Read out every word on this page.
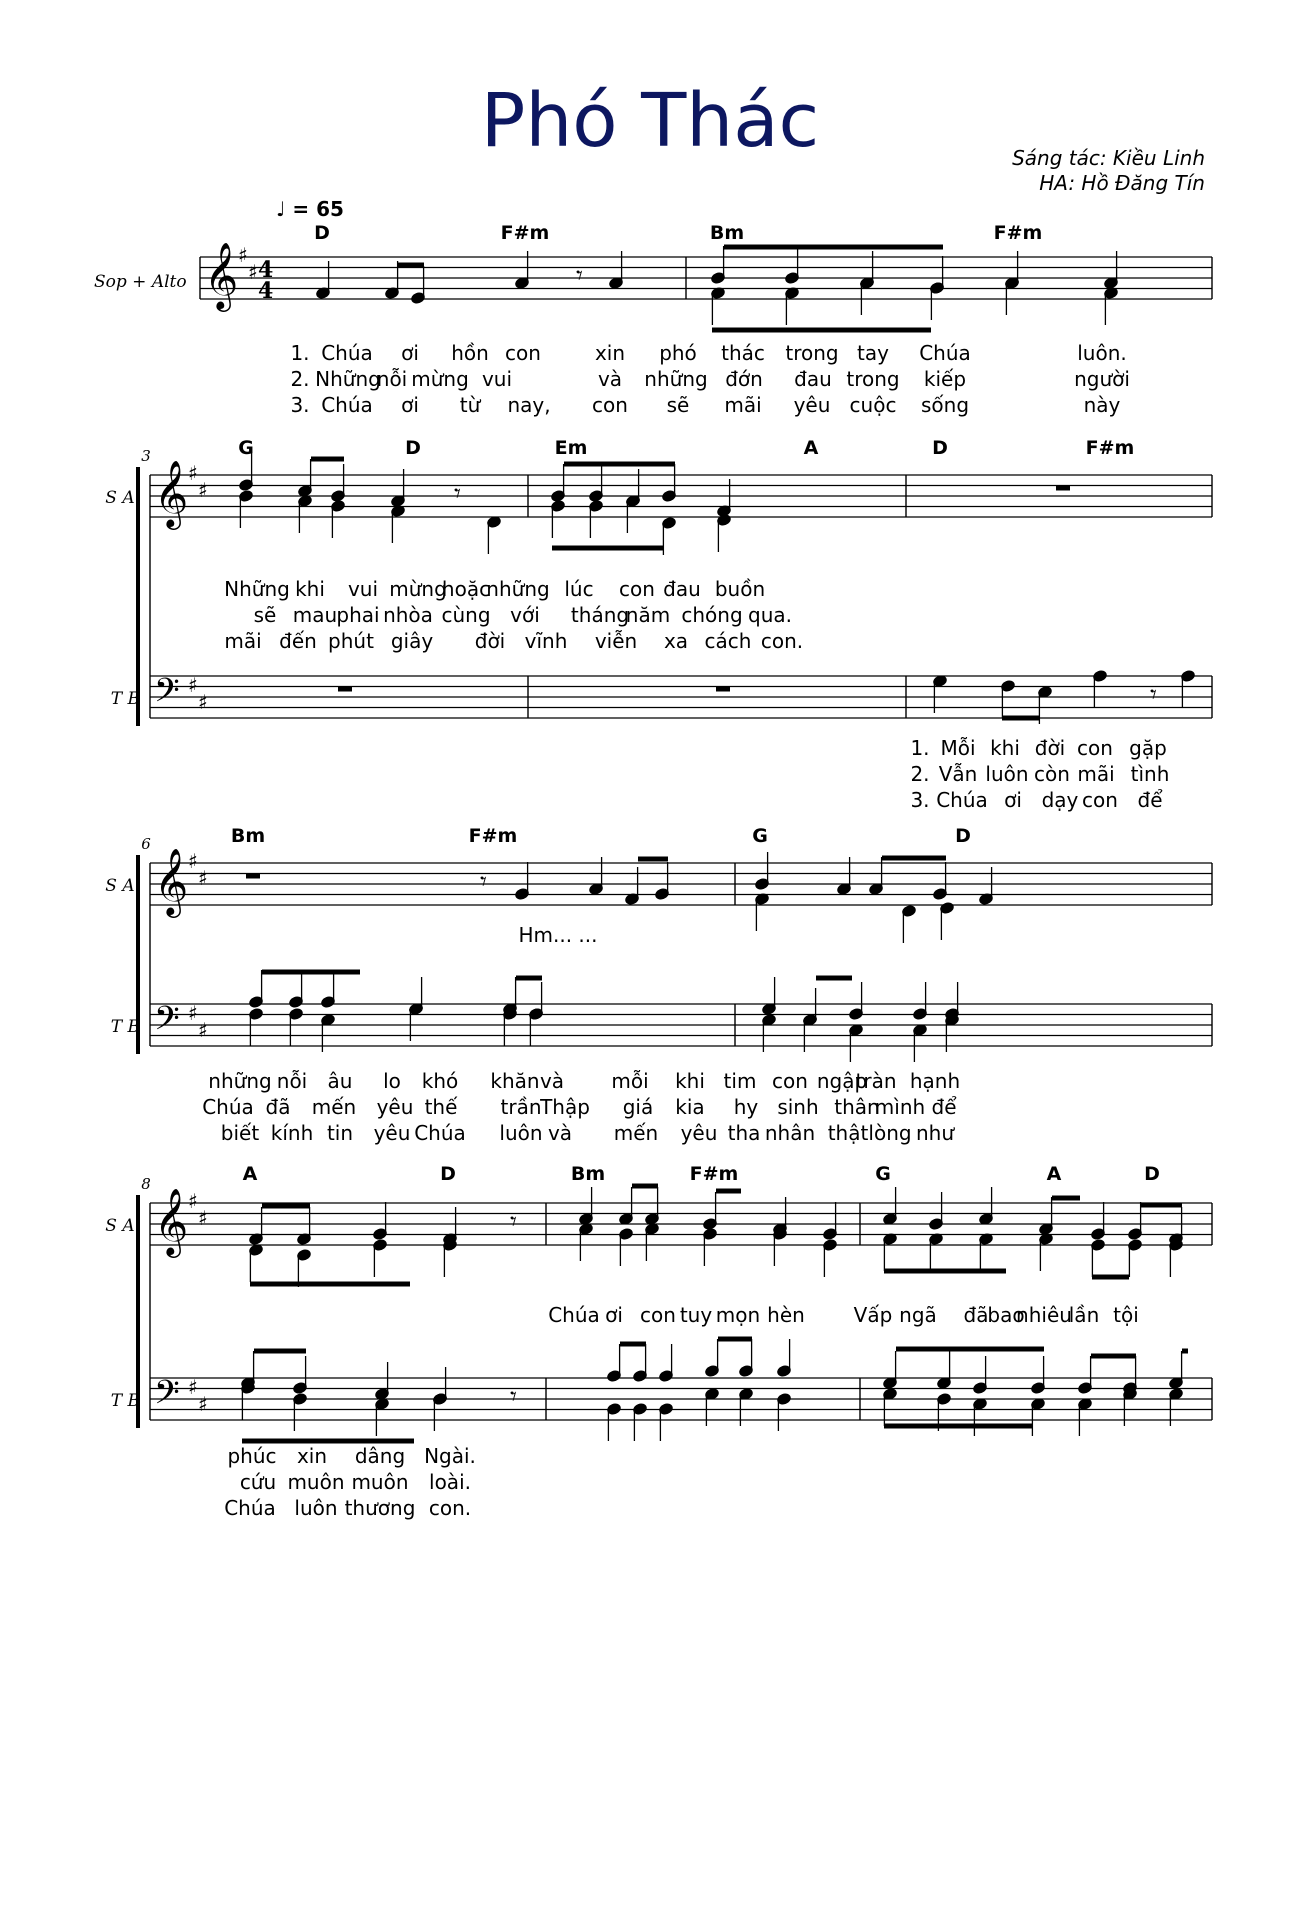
Phó Thác	Sáng tác: Kiều Linh
HA: Hồ Đăng Tín
♩ = 65
Sop + Alto 𝄞 ♯
♯ 4
4
D	F#m	Bm	F#m
𝄾
1. Chúa ơi hồn con	xin phó thác trong tay Chúa	luôn.
2. Những
nỗi mừng vui	và những đớn đau trong kiếp	người
3. Chúa ơi từ nay, con sẽ mãi yêu cuộc sống	này
S A.
T B
3
𝄞 ♯
♯
𝄢 ♯
♯
G	D	Em	A	D	F#m
𝄾
𝄾
Những khi vui mừng
hoặc
những lúc con đau buồn
sẽ mau phai nhòa cùng với tháng
năm chóng qua.
mãi đến phút giây đời vĩnh viễn xa cách con.
1. Mỗi khi đời con gặp
2. Vẫn luôn còn mãi tình
3. Chúa ơi dạy con để
S A.
T B
6
𝄞 ♯
♯
𝄢 ♯
♯
Bm	F#m	G	D
𝄾
Hm... ...
những nỗi âu lo khó khăn và mỗi khi tim con ngập
tràn hạnh
Chúa đã mến yêu thế trần
Thập giá kia hy sinh thân
mình để
biết kính tin yêu Chúa luôn và mến yêu tha nhân thật lòng như
S A.
T B
8
𝄞 ♯
♯
𝄢 ♯
♯
A	D	Bm	F#m	G	A	D
𝄾
Chúa ơi con tuy mọn hèn Vấp ngã đã
bao
nhiêu
lần tội
𝄾
phúc xin dâng Ngài.
cứu muôn muôn loài.
Chúa luôn thương con.
